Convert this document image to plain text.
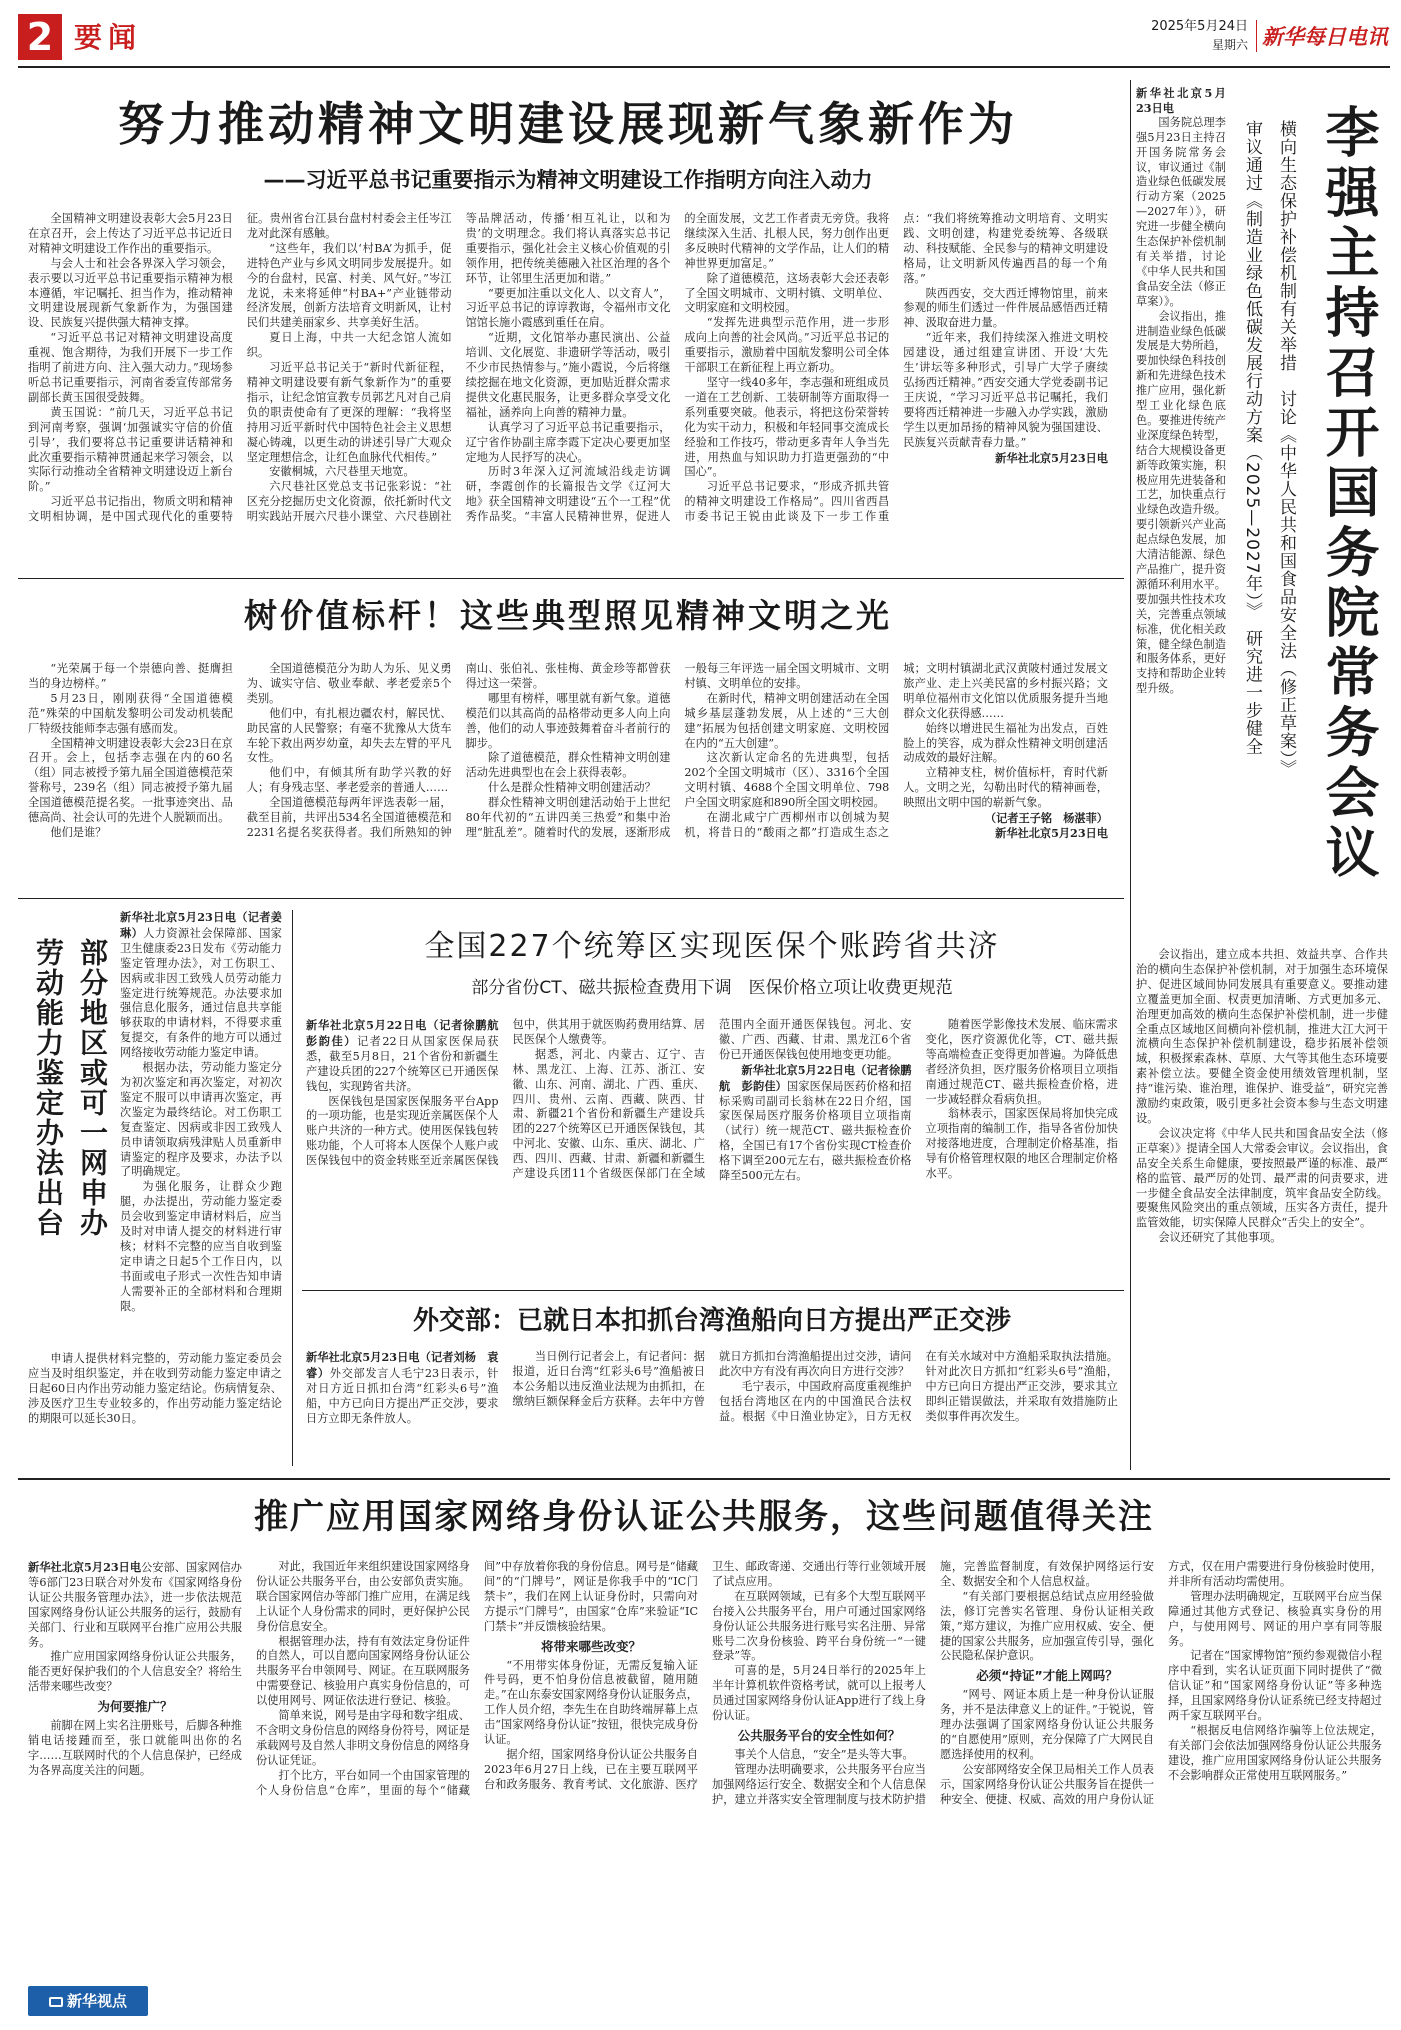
2 要闻	2025年5月24日
星期六 新华每日电讯
努力推动精神文明建设展现新气象新作为
——习近平总书记重要指示为精神文明建设工作指明方向注入动力

全国精神文明建设表彰大会5月23日在京召开，会上传达了习近平总书记近日对精神文明建设工作作出的重要指示。

与会人士和社会各界深入学习领会，表示要以习近平总书记重要指示精神为根本遵循，牢记嘱托、担当作为，推动精神文明建设展现新气象新作为，为强国建设、民族复兴提供强大精神支撑。

“习近平总书记对精神文明建设高度重视、饱含期待，为我们开展下一步工作指明了前进方向、注入强大动力。”现场参听总书记重要指示，河南省委宣传部常务副部长黄玉国很受鼓舞。

黄玉国说：“前几天，习近平总书记到河南考察，强调‘加强诚实守信的价值引导’，我们要将总书记重要讲话精神和此次重要指示精神贯通起来学习领会，以实际行动推动全省精神文明建设迈上新台阶。”

习近平总书记指出，物质文明和精神文明相协调，是中国式现代化的重要特征。贵州省台江县台盘村村委会主任岑江龙对此深有感触。

“这些年，我们以‘村BA’为抓手，促进特色产业与乡风文明同步发展提升。如今的台盘村，民富、村美、风气好。”岑江龙说，未来将延伸“村BA+”产业链带动经济发展，创新方法培育文明新风，让村民们共建美丽家乡、共享美好生活。

夏日上海，中共一大纪念馆人流如织。

习近平总书记关于“新时代新征程，精神文明建设要有新气象新作为”的重要指示，让纪念馆宣教专员郭艺凡对自己肩负的职责使命有了更深的理解：“我将坚持用习近平新时代中国特色社会主义思想凝心铸魂，以更生动的讲述引导广大观众坚定理想信念，让红色血脉代代相传。”

安徽桐城，六尺巷里天地宽。

六尺巷社区党总支书记张彩说：“社区充分挖掘历史文化资源，依托新时代文明实践站开展六尺巷小课堂、六尺巷剧社等品牌活动，传播‘相互礼让，以和为贵’的文明理念。我们将认真落实总书记重要指示，强化社会主义核心价值观的引领作用，把传统美德融入社区治理的各个环节，让邻里生活更加和谐。”

“要更加注重以文化人、以文育人”，习近平总书记的谆谆教诲，令福州市文化馆馆长施小霞感到重任在肩。

“近期，文化馆举办惠民演出、公益培训、文化展览、非遗研学等活动，吸引不少市民热情参与。”施小霞说，今后将继续挖掘在地文化资源，更加贴近群众需求提供文化惠民服务，让更多群众享受文化福祉，涵养向上向善的精神力量。

认真学习了习近平总书记重要指示，辽宁省作协副主席李霞下定决心要更加坚定地为人民抒写的决心。

历时3年深入辽河流域沿线走访调研，李霞创作的长篇报告文学《辽河大地》获全国精神文明建设“五个一工程”优秀作品奖。“丰富人民精神世界，促进人的全面发展，文艺工作者责无旁贷。我将继续深入生活、扎根人民，努力创作出更多反映时代精神的文学作品，让人们的精神世界更加富足。”

除了道德模范，这场表彰大会还表彰了全国文明城市、文明村镇、文明单位、文明家庭和文明校园。

“发挥先进典型示范作用，进一步形成向上向善的社会风尚。”习近平总书记的重要指示，激励着中国航发黎明公司全体干部职工在新征程上再立新功。

坚守一线40多年，李志强和班组成员一道在工艺创新、工装研制等方面取得一系列重要突破。他表示，将把这份荣誉转化为实干动力，积极和年轻同事交流成长经验和工作技巧，带动更多青年人争当先进，用热血与知识助力打造更强劲的“中国心”。

习近平总书记要求，“形成齐抓共管的精神文明建设工作格局”。四川省西昌市委书记王锐由此谈及下一步工作重点：“我们将统筹推动文明培育、文明实践、文明创建，构建党委统筹、各级联动、科技赋能、全民参与的精神文明建设格局，让文明新风传遍西昌的每一个角落。”

陕西西安，交大西迁博物馆里，前来参观的师生们透过一件件展品感悟西迁精神、汲取奋进力量。

“近年来，我们持续深入推进文明校园建设，通过组建宣讲团、开设‘大先生’讲坛等多种形式，引导广大学子赓续弘扬西迁精神。”西安交通大学党委副书记王庆说，“学习习近平总书记嘱托，我们要将西迁精神进一步融入办学实践，激励学生以更加昂扬的精神风貌为强国建设、民族复兴贡献青春力量。”

新华社北京5月23日电
树价值标杆！这些典型照见精神文明之光

“光荣属于每一个崇德向善、挺膺担当的身边榜样。”

5月23日，刚刚获得“全国道德模范”殊荣的中国航发黎明公司发动机装配厂特级技能师李志强有感而发。

全国精神文明建设表彰大会23日在京召开。会上，包括李志强在内的60名（组）同志被授予第九届全国道德模范荣誉称号，239名（组）同志被授予第九届全国道德模范提名奖。一批事迹突出、品德高尚、社会认可的先进个人脱颖而出。

他们是谁？

全国道德模范分为助人为乐、见义勇为、诚实守信、敬业奉献、孝老爱亲5个类别。

他们中，有扎根边疆农村，解民忧、助民富的人民警察；有毫不犹豫从大货车车轮下救出两岁幼童，却失去左臂的平凡女性。

他们中，有倾其所有助学兴教的好人；有身残志坚、孝老爱亲的普通人……

全国道德模范每两年评选表彰一届，截至目前，共评出534名全国道德模范和2231名提名奖获得者。我们所熟知的钟南山、张伯礼、张桂梅、黄金珍等都曾获得过这一荣誉。

哪里有榜样，哪里就有新气象。道德模范们以其高尚的品格带动更多人向上向善，他们的动人事迹鼓舞着奋斗者前行的脚步。

除了道德模范，群众性精神文明创建活动先进典型也在会上获得表彰。

什么是群众性精神文明创建活动？

群众性精神文明创建活动始于上世纪80年代初的“五讲四美三热爱”和集中治理“脏乱差”。随着时代的发展，逐渐形成一般每三年评选一届全国文明城市、文明村镇、文明单位的安排。

在新时代，精神文明创建活动在全国城乡基层蓬勃发展，从上述的“三大创建”拓展为包括创建文明家庭、文明校园在内的“五大创建”。

这次新认定命名的先进典型，包括202个全国文明城市（区）、3316个全国文明村镇、4688个全国文明单位、798户全国文明家庭和890所全国文明校园。

在湖北咸宁广西柳州市以创城为契机，将昔日的“酸雨之都”打造成生态之城；文明村镇湖北武汉黄陂村通过发展文旅产业、走上兴美民富的乡村振兴路；文明单位福州市文化馆以优质服务提升当地群众文化获得感……

始终以增进民生福祉为出发点，百姓脸上的笑容，成为群众性精神文明创建活动成效的最好注解。

立精神支柱，树价值标杆，育时代新人。文明之光，勾勒出时代的精神画卷，映照出文明中国的崭新气象。

（记者王子铭　杨湛菲）
新华社北京5月23日电
部分地区或可一网申办
劳动能力鉴定办法出台
新华社北京5月23日电（记者姜琳）人力资源社会保障部、国家卫生健康委23日发布《劳动能力鉴定管理办法》，对工伤职工、因病或非因工致残人员劳动能力鉴定进行统筹规范。办法要求加强信息化服务，通过信息共享能够获取的申请材料，不得要求重复提交，有条件的地方可以通过网络接收劳动能力鉴定申请。

根据办法，劳动能力鉴定分为初次鉴定和再次鉴定，对初次鉴定不服可以申请再次鉴定，再次鉴定为最终结论。对工伤职工复查鉴定、因病或非因工致残人员申请领取病残津贴人员重新申请鉴定的程序及要求，办法予以了明确规定。

为强化服务，让群众少跑腿，办法提出，劳动能力鉴定委员会收到鉴定申请材料后，应当及时对申请人提交的材料进行审核；材料不完整的应当自收到鉴定申请之日起5个工作日内，以书面或电子形式一次性告知申请人需要补正的全部材料和合理期限。

申请人提供材料完整的，劳动能力鉴定委员会应当及时组织鉴定，并在收到劳动能力鉴定申请之日起60日内作出劳动能力鉴定结论。伤病情复杂、涉及医疗卫生专业较多的，作出劳动能力鉴定结论的期限可以延长30日。

全国227个统筹区实现医保个账跨省共济
部分省份CT、磁共振检查费用下调　医保价格立项让收费更规范
新华社北京5月22日电（记者徐鹏航　彭韵佳）记者22日从国家医保局获悉，截至5月8日，21个省份和新疆生产建设兵团的227个统筹区已开通医保钱包，实现跨省共济。

医保钱包是国家医保服务平台App的一项功能，也是实现近亲属医保个人账户共济的一种方式。使用医保钱包转账功能，个人可将本人医保个人账户或医保钱包中的资金转账至近亲属医保钱包中，供其用于就医购药费用结算、居民医保个人缴费等。

据悉，河北、内蒙古、辽宁、吉林、黑龙江、上海、江苏、浙江、安徽、山东、河南、湖北、广西、重庆、四川、贵州、云南、西藏、陕西、甘肃、新疆21个省份和新疆生产建设兵团的227个统筹区已开通医保钱包，其中河北、安徽、山东、重庆、湖北、广西、四川、西藏、甘肃、新疆和新疆生产建设兵团11个省级医保部门在全域范围内全面开通医保钱包。河北、安徽、广西、西藏、甘肃、黑龙江6个省份已开通医保钱包使用地变更功能。

新华社北京5月22日电（记者徐鹏航　彭韵佳）国家医保局医药价格和招标采购司副司长翁林在22日介绍，国家医保局医疗服务价格项目立项指南（试行）统一规范CT、磁共振检查价格，全国已有17个省份实现CT检查价格下调至200元左右，磁共振检查价格降至500元左右。

随着医学影像技术发展、临床需求变化，医疗资源优化等，CT、磁共振等高端检查正变得更加普遍。为降低患者经济负担，医疗服务价格项目立项指南通过规范CT、磁共振检查价格，进一步减轻群众看病负担。

翁林表示，国家医保局将加快完成立项指南的编制工作，指导各省份加快对接落地进度，合理制定价格基准，指导有价格管理权限的地区合理制定价格水平。

外交部：已就日本扣抓台湾渔船向日方提出严正交涉
新华社北京5月23日电（记者刘杨　袁睿）外交部发言人毛宁23日表示，针对日方近日抓扣台湾“红彩头6号”渔船，中方已向日方提出严正交涉，要求日方立即无条件放人。

当日例行记者会上，有记者问：据报道，近日台湾“红彩头6号”渔船被日本公务船以违反渔业法规为由抓扣，在缴纳巨额保释金后方获释。去年中方曾就日方抓扣台湾渔船提出过交涉，请问此次中方有没有再次向日方进行交涉？

毛宁表示，中国政府高度重视维护包括台湾地区在内的中国渔民合法权益。根据《中日渔业协定》，日方无权在有关水域对中方渔船采取执法措施。针对此次日方抓扣“红彩头6号”渔船，中方已向日方提出严正交涉，要求其立即纠正错误做法，并采取有效措施防止类似事件再次发生。

新华社北京5月23日电

国务院总理李强5月23日主持召开国务院常务会议，审议通过《制造业绿色低碳发展行动方案（2025—2027年）》，研究进一步健全横向生态保护补偿机制有关举措，讨论《中华人民共和国食品安全法（修正草案）》。

会议指出，推进制造业绿色低碳发展是大势所趋，要加快绿色科技创新和先进绿色技术推广应用，强化新型工业化绿色底色。要推进传统产业深度绿色转型，结合大规模设备更新等政策实施，积极应用先进装备和工艺，加快重点行业绿色改造升级。要引领新兴产业高起点绿色发展，加大清洁能源、绿色产品推广，提升资源循环利用水平。要加强共性技术攻关，完善重点领域标准，优化相关政策，健全绿色制造和服务体系，更好支持和帮助企业转型升级。	审议通过《制造业绿色低碳发展行动方案（2025—2027年）》　研究进一步健全 横向生态保护补偿机制有关举措　讨论《中华人民共和国食品安全法（修正草案）》 李强主持召开国务院常务会议

会议指出，建立成本共担、效益共享、合作共治的横向生态保护补偿机制，对于加强生态环境保护、促进区域间协同发展具有重要意义。要推动建立覆盖更加全面、权责更加清晰、方式更加多元、治理更加高效的横向生态保护补偿机制，进一步健全重点区域地区间横向补偿机制，推进大江大河干流横向生态保护补偿机制建设，稳步拓展补偿领域，积极探索森林、草原、大气等其他生态环境要素补偿立法。要健全资金使用绩效管理机制，坚持“谁污染、谁治理，谁保护、谁受益”，研究完善激励约束政策，吸引更多社会资本参与生态文明建设。

会议决定将《中华人民共和国食品安全法（修正草案）》提请全国人大常委会审议。会议指出，食品安全关系生命健康，要按照最严谨的标准、最严格的监管、最严厉的处罚、最严肃的问责要求，进一步健全食品安全法律制度，筑牢食品安全防线。要聚焦风险突出的重点领域，压实各方责任，提升监管效能，切实保障人民群众“舌尖上的安全”。

会议还研究了其他事项。

推广应用国家网络身份认证公共服务，这些问题值得关注
新华社北京5月23日电公安部、国家网信办等6部门23日联合对外发布《国家网络身份认证公共服务管理办法》，进一步依法规范国家网络身份认证公共服务的运行，鼓励有关部门、行业和互联网平台推广应用公共服务。

推广应用国家网络身份认证公共服务，能否更好保护我们的个人信息安全？将给生活带来哪些改变？

为何要推广？

前脚在网上实名注册账号，后脚各种推销电话接踵而至，张口就能叫出你的名字……互联网时代的个人信息保护，已经成为各界高度关注的问题。

对此，我国近年来组织建设国家网络身份认证公共服务平台，由公安部负责实施。联合国家网信办等部门推广应用，在满足线上认证个人身份需求的同时，更好保护公民身份信息安全。

根据管理办法，持有有效法定身份证件的自然人，可以自愿向国家网络身份认证公共服务平台申领网号、网证。在互联网服务中需要登记、核验用户真实身份信息的，可以使用网号、网证依法进行登记、核验。

简单来说，网号是由字母和数字组成、不含明文身份信息的网络身份符号，网证是承载网号及自然人非明文身份信息的网络身份认证凭证。

打个比方，平台如同一个由国家管理的个人身份信息“仓库”，里面的每个“储藏间”中存放着你我的身份信息。网号是“储藏间”的“门牌号”，网证是你我手中的“IC门禁卡”，我们在网上认证身份时，只需向对方提示“门牌号”，由国家“仓库”来验证“IC门禁卡”并反馈核验结果。

将带来哪些改变？

“不用带实体身份证，无需反复输入证件号码，更不怕身份信息被截留，随用随走。”在山东泰安国家网络身份认证服务点，工作人员介绍，李先生在自助终端屏幕上点击“国家网络身份认证”按钮，很快完成身份认证。

据介绍，国家网络身份认证公共服务自2023年6月27日上线，已在主要互联网平台和政务服务、教育考试、文化旅游、医疗卫生、邮政寄递、交通出行等行业领域开展了试点应用。

在互联网领域，已有多个大型互联网平台接入公共服务平台，用户可通过国家网络身份认证公共服务进行账号实名注册、异常账号二次身份核验、跨平台身份统一“一键登录”等。

可喜的是，5月24日举行的2025年上半年计算机软件资格考试，就可以上报考人员通过国家网络身份认证App进行了线上身份认证。

公共服务平台的安全性如何？

事关个人信息，“安全”是头等大事。

管理办法明确要求，公共服务平台应当加强网络运行安全、数据安全和个人信息保护，建立并落实安全管理制度与技术防护措施，完善监督制度，有效保护网络运行安全、数据安全和个人信息权益。

“有关部门要根据总结试点应用经验做法，修订完善实名管理、身份认证相关政策，”郑方建议，为推广应用权威、安全、便捷的国家公共服务，应加强宣传引导，强化公民隐私保护意识。

必须“持证”才能上网吗？

“网号、网证本质上是一种身份认证服务，并不是法律意义上的证件。”于锐说，管理办法强调了国家网络身份认证公共服务的“自愿使用”原则，充分保障了广大网民自愿选择使用的权利。

公安部网络安全保卫局相关工作人员表示，国家网络身份认证公共服务旨在提供一种安全、便捷、权威、高效的用户身份认证方式，仅在用户需要进行身份核验时使用，并非所有活动均需使用。

管理办法明确规定，互联网平台应当保障通过其他方式登记、核验真实身份的用户，与使用网号、网证的用户享有同等服务。

记者在“国家博物馆”预约参观微信小程序中看到，实名认证页面下同时提供了“微信认证”和“国家网络身份认证”等多种选择，且国家网络身份认证系统已经支持超过两千家互联网平台。

“根据反电信网络诈骗等上位法规定，有关部门会依法加强网络身份认证公共服务建设，推广应用国家网络身份认证公共服务不会影响群众正常使用互联网服务。”

新华视点
